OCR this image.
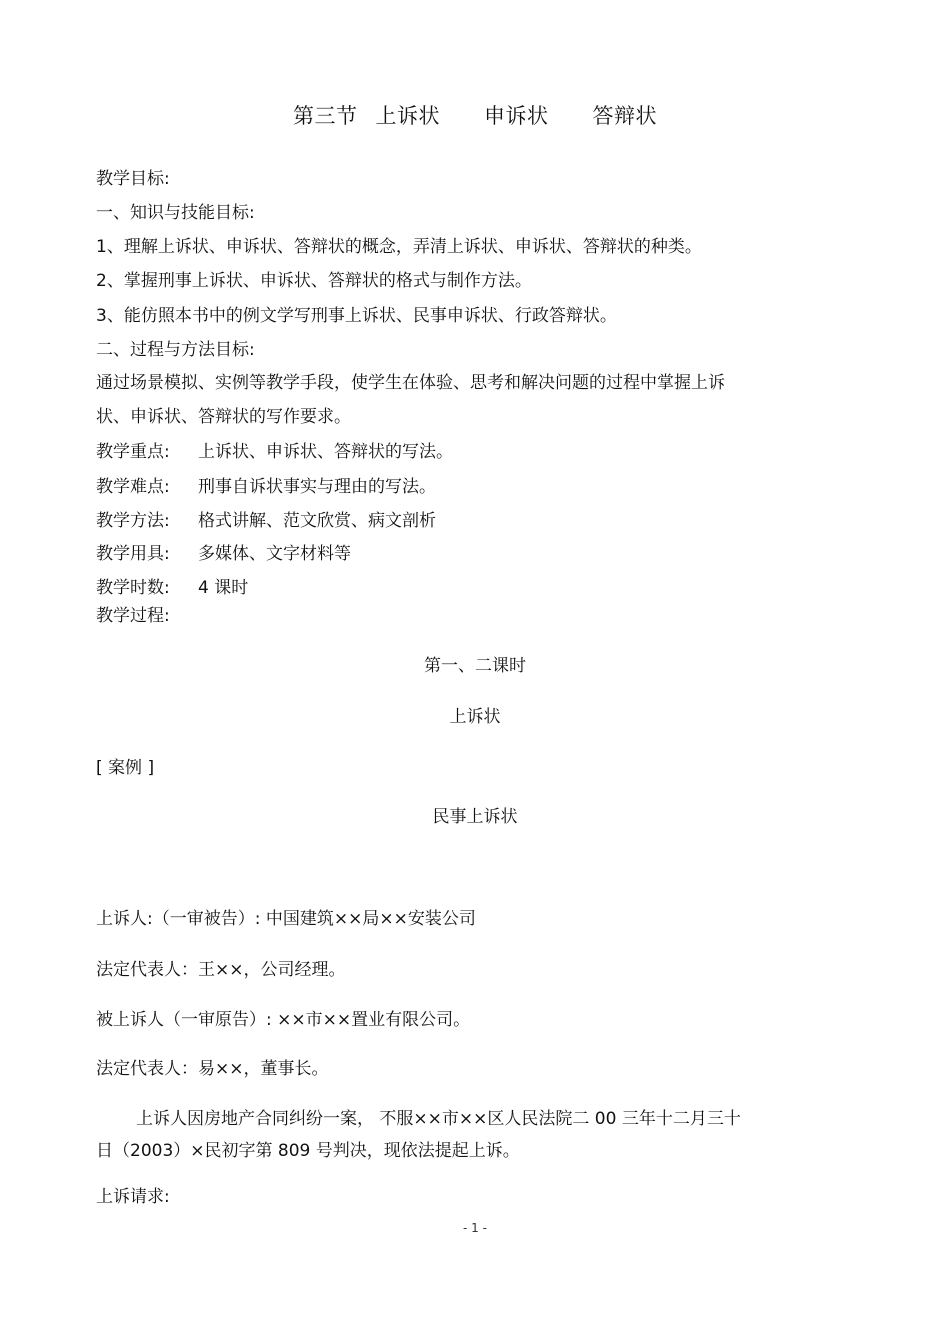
第三节 上诉状 申诉状 答辩状
教学目标:
一、知识与技能目标:
1、理解上诉状、申诉状、答辩状的概念，弄清上诉状、申诉状、答辩状的种类。
2、掌握刑事上诉状、申诉状、答辩状的格式与制作方法。
3、能仿照本书中的例文学写刑事上诉状、民事申诉状、行政答辩状。
二、过程与方法目标:
通过场景模拟、实例等教学手段，使学生在体验、思考和解决问题的过程中掌握上诉
状、申诉状、答辩状的写作要求。
教学重点: 上诉状、申诉状、答辩状的写法。
教学难点: 刑事自诉状事实与理由的写法。
教学方法: 格式讲解、范文欣赏、病文剖析
教学用具: 多媒体、文字材料等
教学时数: 4 课时
教学过程:
第一、二课时
上诉状
[ 案例 ]
民事上诉状
上诉人:（一审被告）: 中国建筑××局××安装公司
法定代表人：王××，公司经理。
被上诉人（一审原告）: ××市××置业有限公司。
法定代表人：易××，董事长。
上诉人因房地产合同纠纷一案， 不服××市××区人民法院二 00 三年十二月三十
日（2003）×民初字第 809 号判决，现依法提起上诉。
上诉请求:
- 1 -
